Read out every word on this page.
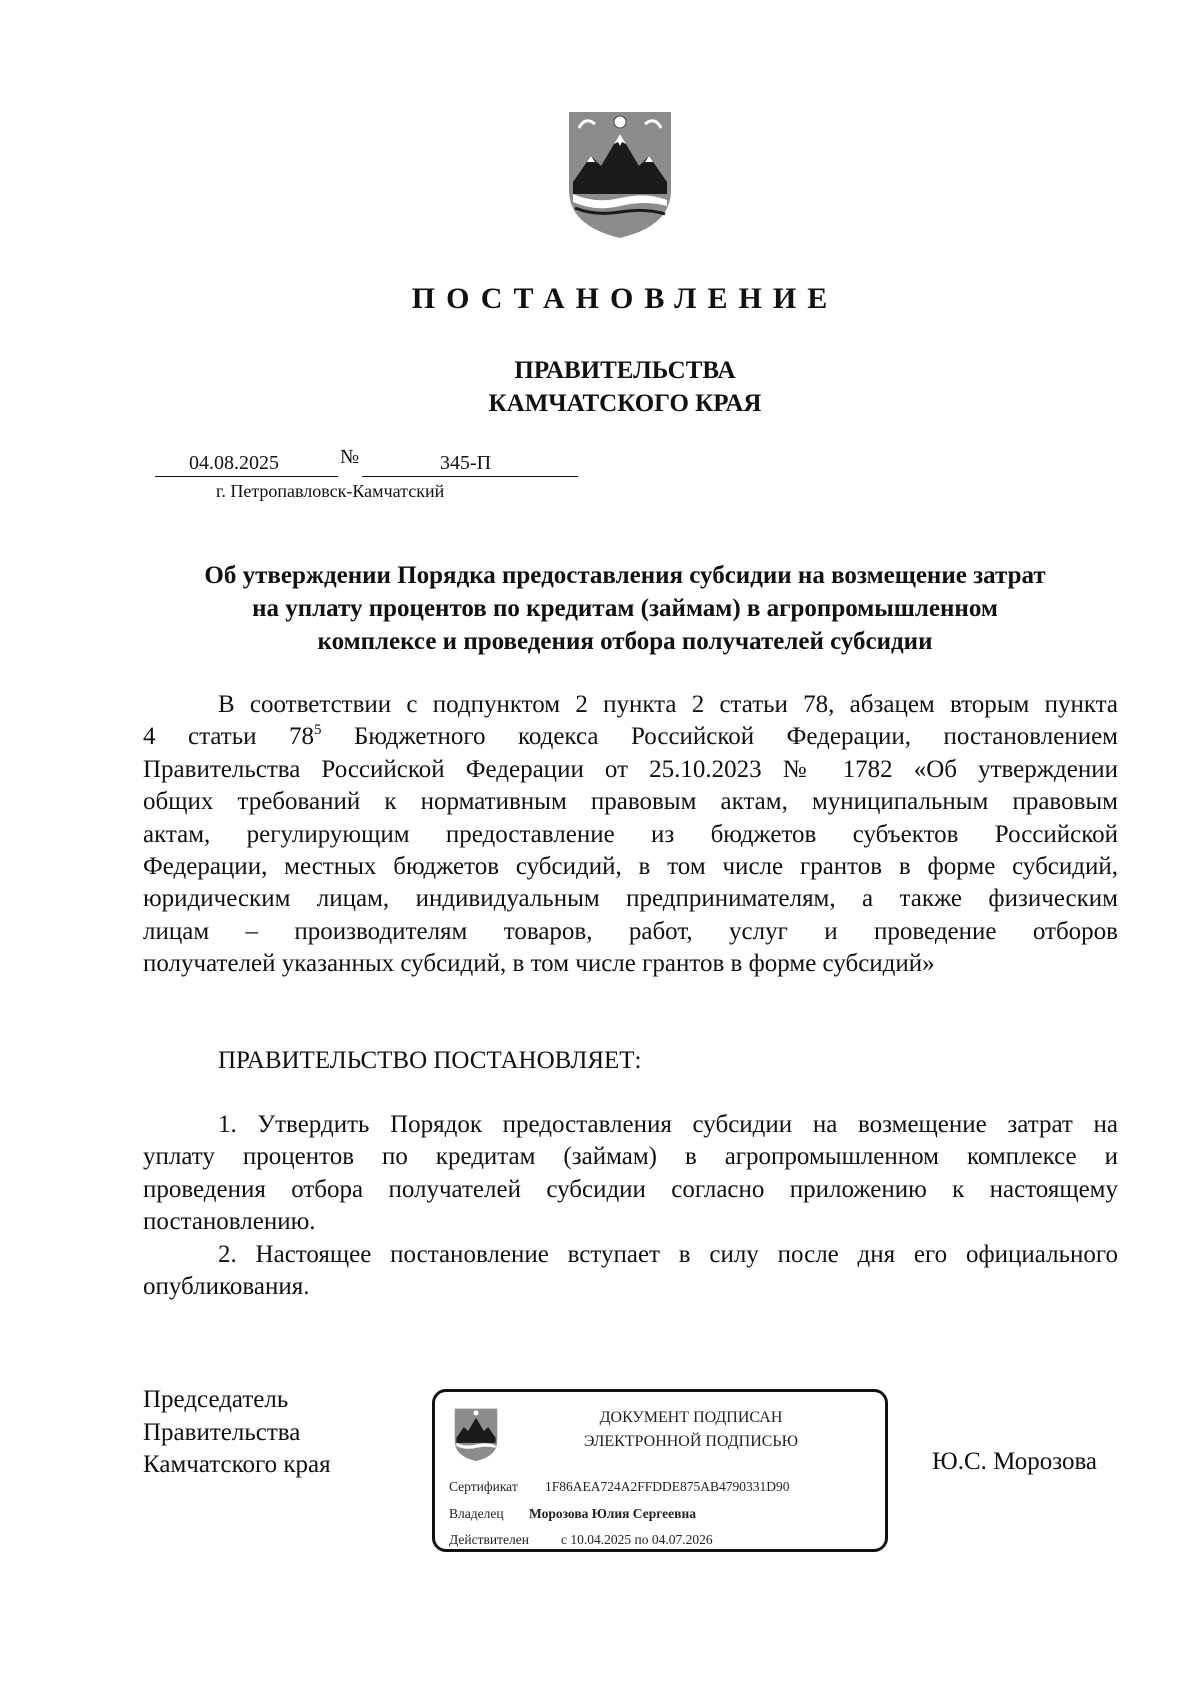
ПОСТАНОВЛЕНИЕ
ПРАВИТЕЛЬСТВА
КАМЧАТСКОГО КРАЯ
04.08.2025	№	345-П
г. Петропавловск-Камчатский
Об утверждении Порядка предоставления субсидии на возмещение затрат
на уплату процентов по кредитам (займам) в агропромышленном
комплексе и проведения отбора получателей субсидии
В соответствии с подпунктом 2 пункта 2 статьи 78, абзацем вторым пункта
4 статьи $78^5$ Бюджетного кодекса Российской Федерации, постановлением
Правительства Российской Федерации от 25.10.2023 № 1782 «Об утверждении
общих требований к нормативным правовым актам, муниципальным правовым
актам, регулирующим предоставление из бюджетов субъектов Российской
Федерации, местных бюджетов субсидий, в том числе грантов в форме субсидий,
юридическим лицам, индивидуальным предпринимателям, а также физическим
лицам – производителям товаров, работ, услуг и проведение отборов
получателей указанных субсидий, в том числе грантов в форме субсидий»
ПРАВИТЕЛЬСТВО ПОСТАНОВЛЯЕТ:
1. Утвердить Порядок предоставления субсидии на возмещение затрат на
уплату процентов по кредитам (займам) в агропромышленном комплексе и
проведения отбора получателей субсидии согласно приложению к настоящему
постановлению.
2. Настоящее постановление вступает в силу после дня его официального
опубликования.
Председатель
Правительства
Камчатского края
ДОКУМЕНТ ПОДПИСАН
ЭЛЕКТРОННОЙ ПОДПИСЬЮ
Сертификат 1F86AEA724A2FFDDE875AB4790331D90
Владелец Морозова Юлия Сергеевна
Действителен с 10.04.2025 по 04.07.2026
Ю.С. Морозова
